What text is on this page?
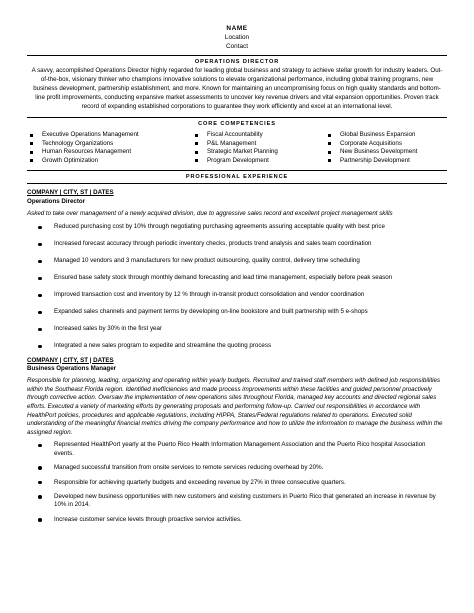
NAME
Location
Contact
OPERATIONS DIRECTOR
A savvy, accomplished Operations Director highly regarded for leading global business and strategy to achieve stellar growth for industry leaders. Out-of-the-box, visionary thinker who champions innovative solutions to elevate organizational performance, including global training programs, new business development, partnership establishment, and more. Known for maintaining an uncompromising focus on high quality standards and bottom-line profit improvements, conducting expansive market assessments to uncover key revenue drivers and vital expansion opportunities. Proven track record of expanding established corporations to guarantee they work efficiently and excel at an international level.
CORE COMPETENCIES
Executive Operations Management
Technology Organizations
Human Resources Management
Growth Optimization
Fiscal Accountability
P&L Management
Strategic Market Planning
Program Development
Global Business Expansion
Corporate Acquisitions
New Business Development
Partnership Development
PROFESSIONAL EXPERIENCE
COMPANY | CITY, ST | DATES
Operations Director
Asked to take over management of a newly acquired division, due to aggressive sales record and excellent project management skills
Reduced purchasing cost by 10% through negotiating purchasing agreements assuring acceptable quality with best price
Increased forecast accuracy through periodic inventory checks, products trend analysis and sales team coordination
Managed 10 vendors and 3 manufacturers for new product outsourcing, quality control, delivery time scheduling
Ensured base safety stock through monthly demand forecasting and lead time management, especially before peak season
Improved transaction cost and inventory by 12 % through in-transit product consolidation and vendor coordination
Expanded sales channels and payment terms by developing on-line bookstore and built partnership with 5 e-shops
Increased sales by 30% in the first year
Integrated a new sales program to expedite and streamline the quoting process
COMPANY | CITY, ST | DATES
Business Operations Manager
Responsible for planning, leading, organizing and operating within yearly budgets. Recruited and trained staff members with defined job responsibilities within the Southeast Florida region. Identified inefficiencies and made process improvements within these facilities and guided personnel proactively through corrective action. Oversaw the implementation of new operations sites throughout Florida, managed key accounts and directed regional sales efforts. Executed a variety of marketing efforts by generating proposals and performing follow-up. Carried out responsibilities in accordance with HealthPort policies, procedures and applicable regulations, including HIPPA, States/Federal regulations related to operations. Executed solid understanding of the meaningful financial metrics driving the company performance and how to utilize the information to manage the business within the assigned region.
Represented HealthPort yearly at the Puerto Rico Health Information Management Association and the Puerto Rico hospital Association events.
Managed successful transition from onsite services to remote services reducing overhead by 20%.
Responsible for achieving quarterly budgets and exceeding revenue by 27% in three consecutive quarters.
Developed new business opportunities with new customers and existing customers in Puerto Rico that generated an increase in revenue by 10% in 2014.
Increase customer service levels through proactive service activities.
